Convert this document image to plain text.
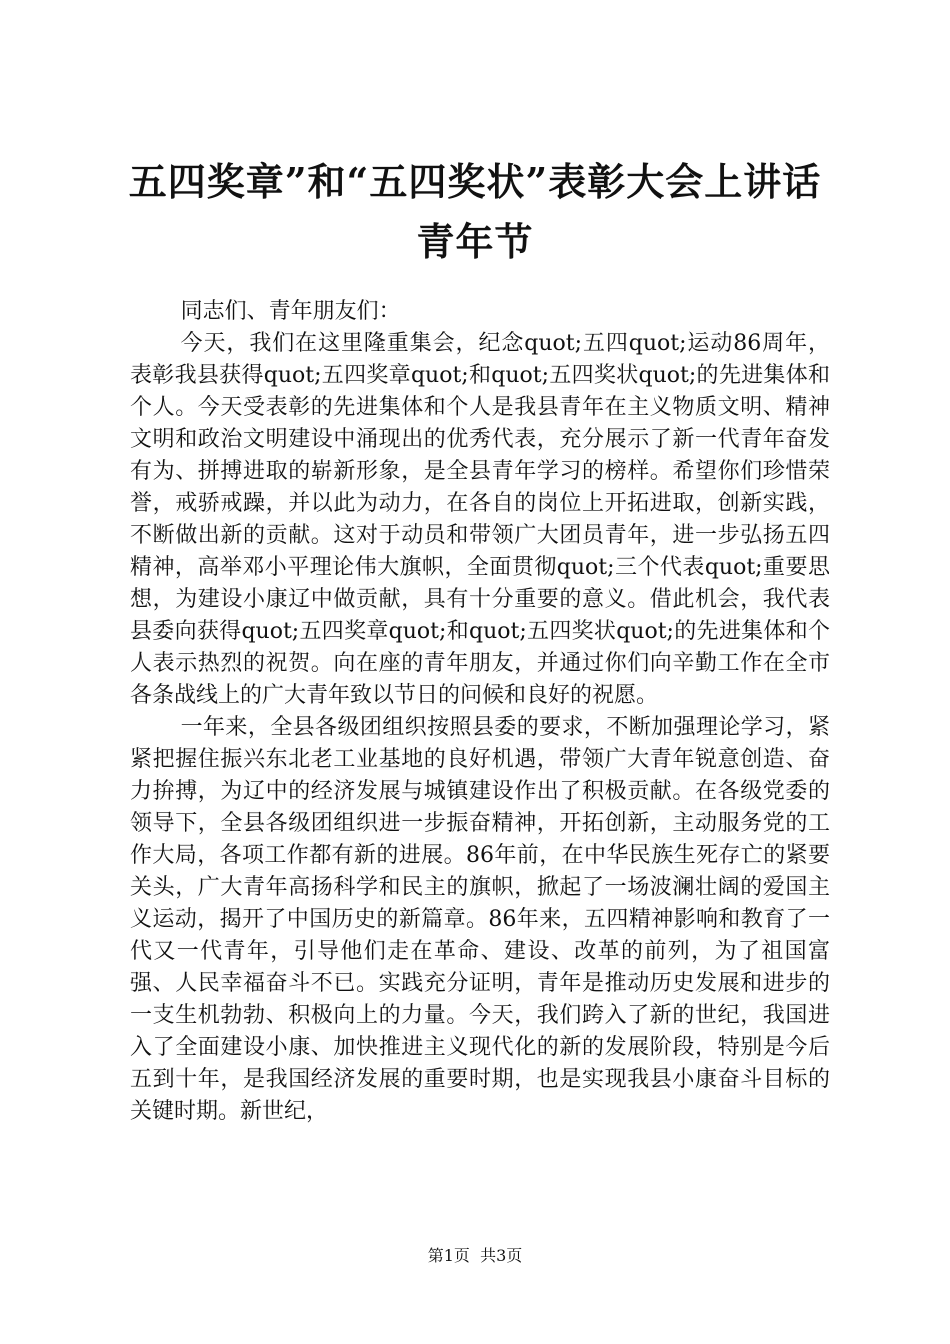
五四奖章”和“五四奖状”表彰大会上讲话青年节

同志们、青年朋友们：

今天，我们在这里隆重集会，纪念quot;五四quot;运动86周年，表彰我县获得quot;五四奖章quot;和quot;五四奖状quot;的先进集体和个人。今天受表彰的先进集体和个人是我县青年在主义物质文明、精神文明和政治文明建设中涌现出的优秀代表，充分展示了新一代青年奋发有为、拼搏进取的崭新形象，是全县青年学习的榜样。希望你们珍惜荣誉，戒骄戒躁，并以此为动力，在各自的岗位上开拓进取，创新实践，不断做出新的贡献。这对于动员和带领广大团员青年，进一步弘扬五四精神，高举邓小平理论伟大旗帜，全面贯彻quot;三个代表quot;重要思想，为建设小康辽中做贡献，具有十分重要的意义。借此机会，我代表县委向获得quot;五四奖章quot;和quot;五四奖状quot;的先进集体和个人表示热烈的祝贺。向在座的青年朋友，并通过你们向辛勤工作在全市各条战线上的广大青年致以节日的问候和良好的祝愿。

一年来，全县各级团组织按照县委的要求，不断加强理论学习，紧紧把握住振兴东北老工业基地的良好机遇，带领广大青年锐意创造、奋力拚搏，为辽中的经济发展与城镇建设作出了积极贡献。在各级党委的领导下，全县各级团组织进一步振奋精神，开拓创新，主动服务党的工作大局，各项工作都有新的进展。86年前，在中华民族生死存亡的紧要关头，广大青年高扬科学和民主的旗帜，掀起了一场波澜壮阔的爱国主义运动，揭开了中国历史的新篇章。86年来，五四精神影响和教育了一代又一代青年，引导他们走在革命、建设、改革的前列，为了祖国富强、人民幸福奋斗不已。实践充分证明，青年是推动历史发展和进步的一支生机勃勃、积极向上的力量。今天，我们跨入了新的世纪，我国进入了全面建设小康、加快推进主义现代化的新的发展阶段，特别是今后五到十年，是我国经济发展的重要时期，也是实现我县小康奋斗目标的关键时期。新世纪，

第1页 共3页
